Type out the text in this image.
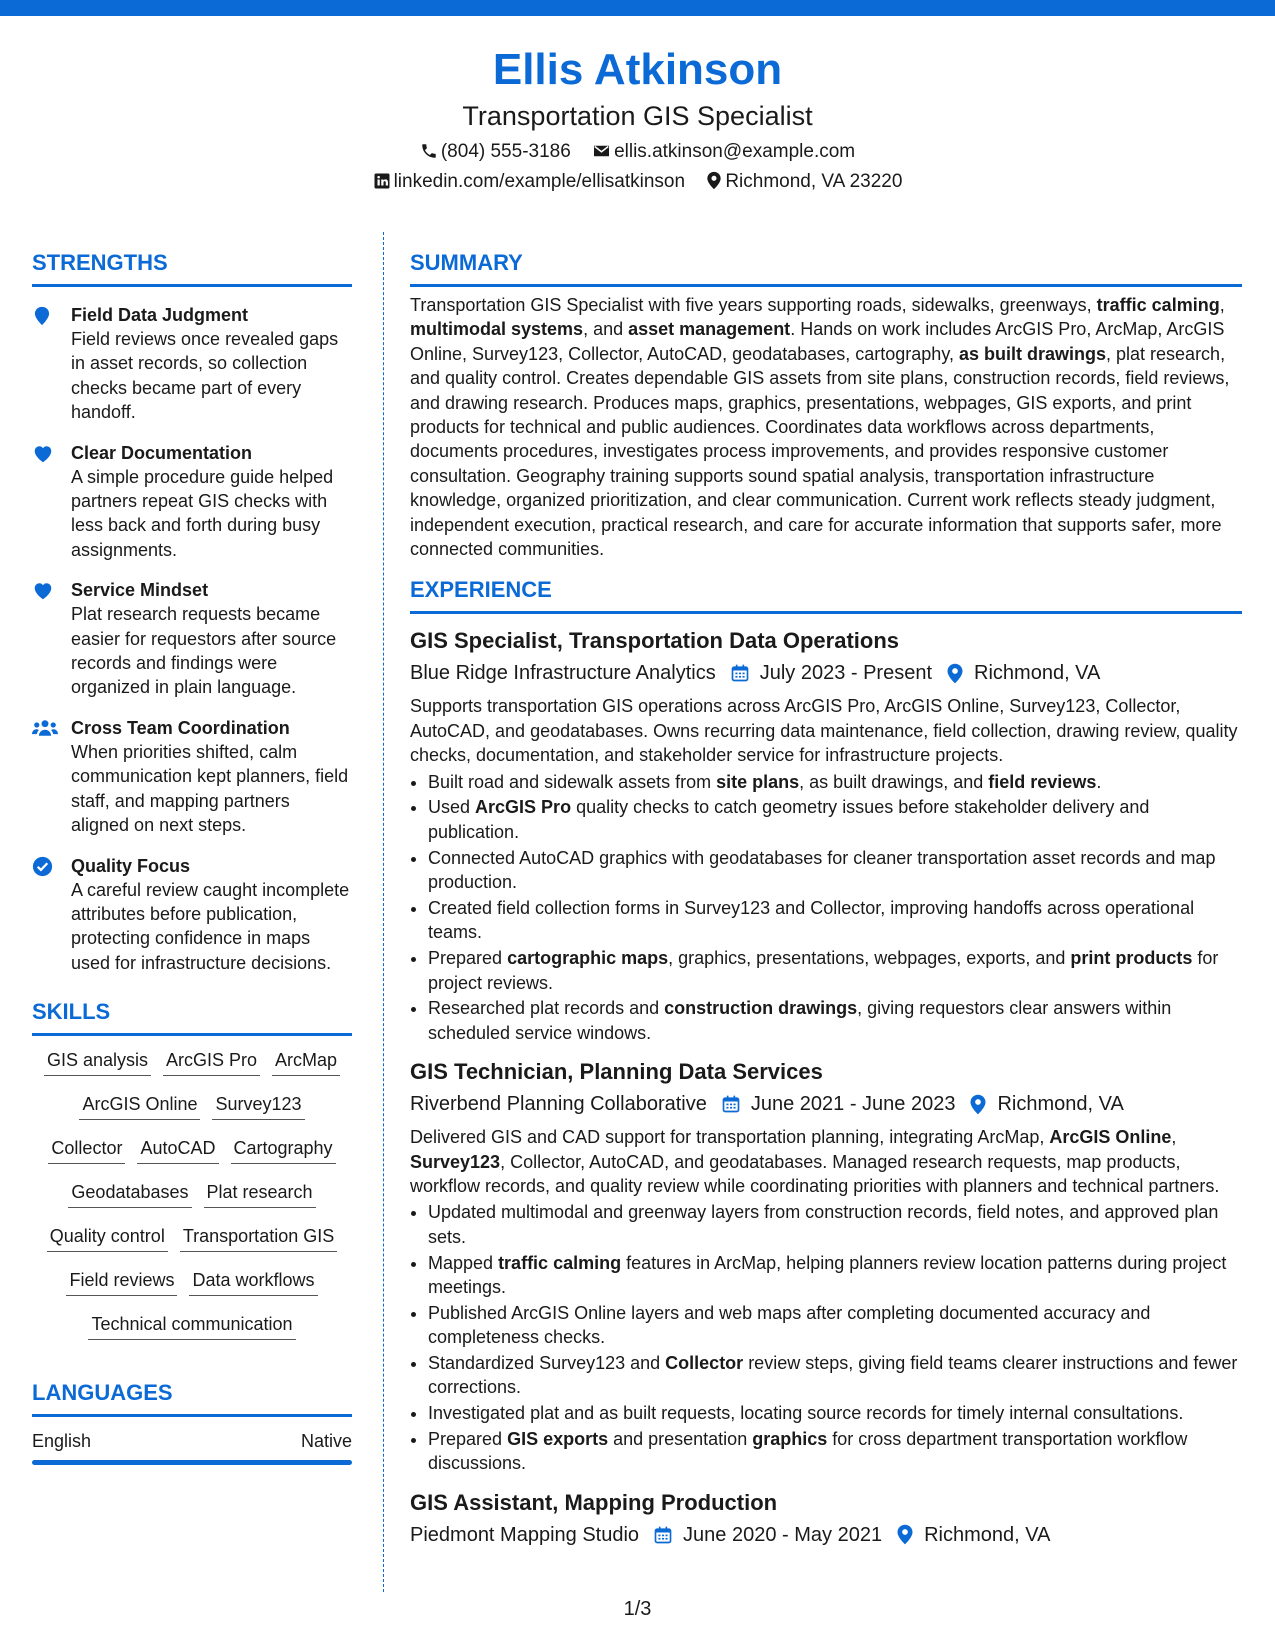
Ellis Atkinson
Transportation GIS Specialist
(804) 555-3186 ellis.atkinson@example.com
linkedin.com/example/ellisatkinson Richmond, VA 23220
STRENGTHS
Field Data Judgment
Field reviews once revealed gaps in asset records, so collection checks became part of every handoff.
Clear Documentation
A simple procedure guide helped partners repeat GIS checks with less back and forth during busy assignments.
Service Mindset
Plat research requests became easier for requestors after source records and findings were organized in plain language.
Cross Team Coordination
When priorities shifted, calm communication kept planners, field staff, and mapping partners aligned on next steps.
Quality Focus
A careful review caught incomplete attributes before publication, protecting confidence in maps used for infrastructure decisions.
SKILLS
GIS analysis ArcGIS Pro ArcMap
ArcGIS Online Survey123
Collector AutoCAD Cartography
Geodatabases Plat research
Quality control Transportation GIS
Field reviews Data workflows
Technical communication
LANGUAGES
English	Native
SUMMARY
Transportation GIS Specialist with five years supporting roads, sidewalks, greenways, traffic calming, multimodal systems, and asset management. Hands on work includes ArcGIS Pro, ArcMap, ArcGIS Online, Survey123, Collector, AutoCAD, geodatabases, cartography, as built drawings, plat research, and quality control. Creates dependable GIS assets from site plans, construction records, field reviews, and drawing research. Produces maps, graphics, presentations, webpages, GIS exports, and print products for technical and public audiences. Coordinates data workflows across departments, documents procedures, investigates process improvements, and provides responsive customer consultation. Geography training supports sound spatial analysis, transportation infrastructure knowledge, organized prioritization, and clear communication. Current work reflects steady judgment, independent execution, practical research, and care for accurate information that supports safer, more connected communities.
EXPERIENCE
GIS Specialist, Transportation Data Operations
Blue Ridge Infrastructure Analytics July 2023 - Present Richmond, VA
Supports transportation GIS operations across ArcGIS Pro, ArcGIS Online, Survey123, Collector, AutoCAD, and geodatabases. Owns recurring data maintenance, field collection, drawing review, quality checks, documentation, and stakeholder service for infrastructure projects.
• Built road and sidewalk assets from site plans, as built drawings, and field reviews.
• Used ArcGIS Pro quality checks to catch geometry issues before stakeholder delivery and publication.
• Connected AutoCAD graphics with geodatabases for cleaner transportation asset records and map production.
• Created field collection forms in Survey123 and Collector, improving handoffs across operational teams.
• Prepared cartographic maps, graphics, presentations, webpages, exports, and print products for project reviews.
• Researched plat records and construction drawings, giving requestors clear answers within scheduled service windows.
GIS Technician, Planning Data Services
Riverbend Planning Collaborative June 2021 - June 2023 Richmond, VA
Delivered GIS and CAD support for transportation planning, integrating ArcMap, ArcGIS Online, Survey123, Collector, AutoCAD, and geodatabases. Managed research requests, map products, workflow records, and quality review while coordinating priorities with planners and technical partners.
• Updated multimodal and greenway layers from construction records, field notes, and approved plan sets.
• Mapped traffic calming features in ArcMap, helping planners review location patterns during project meetings.
• Published ArcGIS Online layers and web maps after completing documented accuracy and completeness checks.
• Standardized Survey123 and Collector review steps, giving field teams clearer instructions and fewer corrections.
• Investigated plat and as built requests, locating source records for timely internal consultations.
• Prepared GIS exports and presentation graphics for cross department transportation workflow discussions.
GIS Assistant, Mapping Production
Piedmont Mapping Studio June 2020 - May 2021 Richmond, VA
1/3
